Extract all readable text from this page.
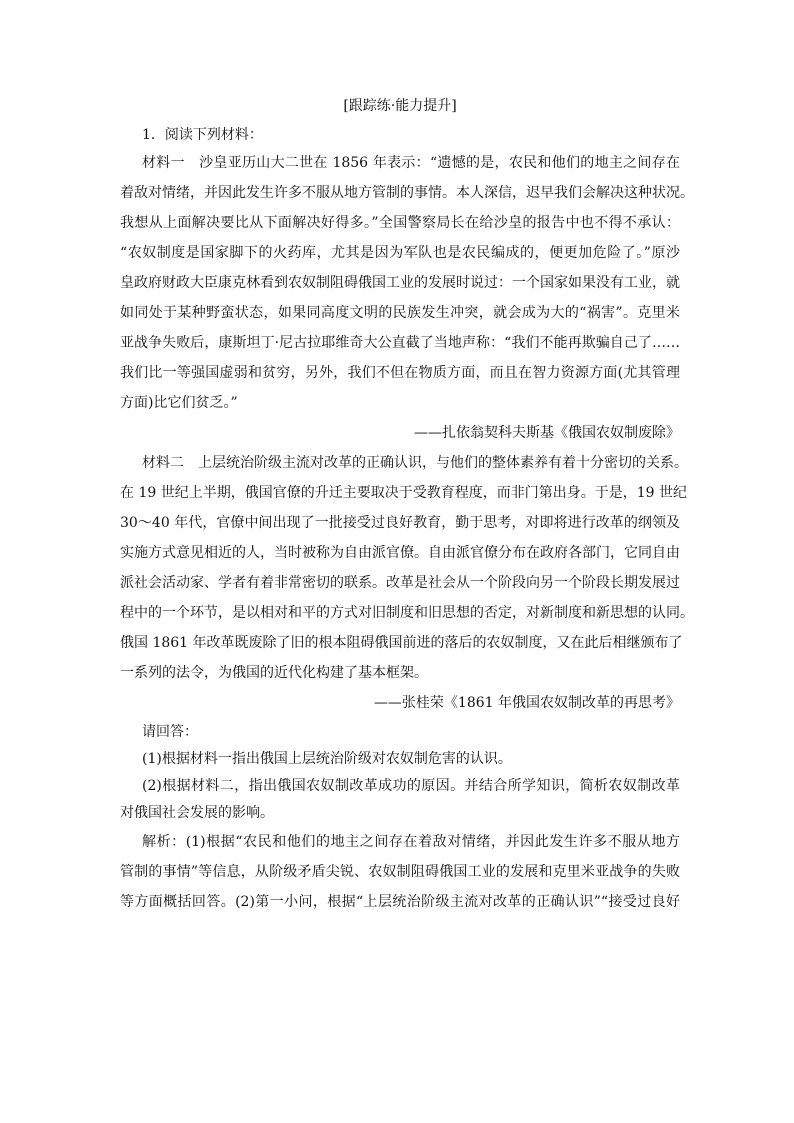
[跟踪练·能力提升]
1．阅读下列材料：
材料一　沙皇亚历山大二世在 1856 年表示：“遗憾的是，农民和他们的地主之间存在
着敌对情绪，并因此发生许多不服从地方管制的事情。本人深信，迟早我们会解决这种状况。
我想从上面解决要比从下面解决好得多。”全国警察局长在给沙皇的报告中也不得不承认：
“农奴制度是国家脚下的火药库，尤其是因为军队也是农民编成的，便更加危险了。”原沙
皇政府财政大臣康克林看到农奴制阻碍俄国工业的发展时说过：一个国家如果没有工业，就
如同处于某种野蛮状态，如果同高度文明的民族发生冲突，就会成为大的“祸害”。克里米
亚战争失败后，康斯坦丁·尼古拉耶维奇大公直截了当地声称：“我们不能再欺骗自己了……
我们比一等强国虚弱和贫穷，另外，我们不但在物质方面，而且在智力资源方面(尤其管理
方面)比它们贫乏。”
——扎依翁契科夫斯基《俄国农奴制废除》
材料二　上层统治阶级主流对改革的正确认识，与他们的整体素养有着十分密切的关系。
在 19 世纪上半期，俄国官僚的升迁主要取决于受教育程度，而非门第出身。于是，19 世纪
30～40 年代，官僚中间出现了一批接受过良好教育，勤于思考，对即将进行改革的纲领及
实施方式意见相近的人，当时被称为自由派官僚。自由派官僚分布在政府各部门，它同自由
派社会活动家、学者有着非常密切的联系。改革是社会从一个阶段向另一个阶段长期发展过
程中的一个环节，是以相对和平的方式对旧制度和旧思想的否定，对新制度和新思想的认同。
俄国 1861 年改革既废除了旧的根本阻碍俄国前进的落后的农奴制度，又在此后相继颁布了
一系列的法令，为俄国的近代化构建了基本框架。
——张桂荣《1861 年俄国农奴制改革的再思考》
请回答：
(1)根据材料一指出俄国上层统治阶级对农奴制危害的认识。
(2)根据材料二，指出俄国农奴制改革成功的原因。并结合所学知识，简析农奴制改革
对俄国社会发展的影响。
解析：(1)根据“农民和他们的地主之间存在着敌对情绪，并因此发生许多不服从地方
管制的事情”等信息，从阶级矛盾尖锐、农奴制阻碍俄国工业的发展和克里米亚战争的失败
等方面概括回答。(2)第一小问，根据“上层统治阶级主流对改革的正确认识”“接受过良好
